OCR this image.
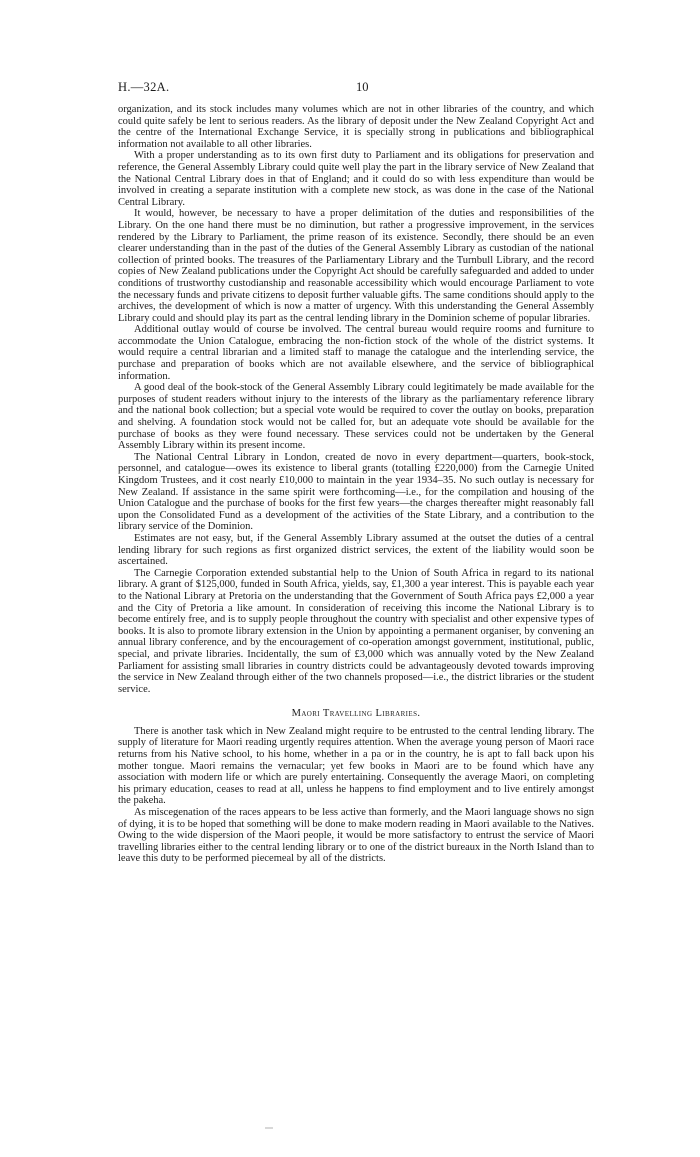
H.—32A.	10

organization, and its stock includes many volumes which are not in other libraries of the country, and which could quite safely be lent to serious readers. As the library of deposit under the New Zealand Copyright Act and the centre of the International Exchange Service, it is specially strong in publications and bibliographical information not available to all other libraries.

With a proper understanding as to its own first duty to Parliament and its obligations for preservation and reference, the General Assembly Library could quite well play the part in the library service of New Zealand that the National Central Library does in that of England; and it could do so with less expenditure than would be involved in creating a separate institution with a complete new stock, as was done in the case of the National Central Library.

It would, however, be necessary to have a proper delimitation of the duties and responsibilities of the Library. On the one hand there must be no diminution, but rather a progressive improvement, in the services rendered by the Library to Parliament, the prime reason of its existence. Secondly, there should be an even clearer understanding than in the past of the duties of the General Assembly Library as custodian of the national collection of printed books. The treasures of the Parliamentary Library and the Turnbull Library, and the record copies of New Zealand publications under the Copyright Act should be carefully safeguarded and added to under conditions of trustworthy custodianship and reasonable accessibility which would encourage Parliament to vote the necessary funds and private citizens to deposit further valuable gifts. The same conditions should apply to the archives, the development of which is now a matter of urgency. With this understanding the General Assembly Library could and should play its part as the central lending library in the Dominion scheme of popular libraries.

Additional outlay would of course be involved. The central bureau would require rooms and furniture to accommodate the Union Catalogue, embracing the non-fiction stock of the whole of the district systems. It would require a central librarian and a limited staff to manage the catalogue and the interlending service, the purchase and preparation of books which are not available elsewhere, and the service of bibliographical information.

A good deal of the book-stock of the General Assembly Library could legitimately be made available for the purposes of student readers without injury to the interests of the library as the parliamentary reference library and the national book collection; but a special vote would be required to cover the outlay on books, preparation and shelving. A foundation stock would not be called for, but an adequate vote should be available for the purchase of books as they were found necessary. These services could not be undertaken by the General Assembly Library within its present income.

The National Central Library in London, created de novo in every department—quarters, book-stock, personnel, and catalogue—owes its existence to liberal grants (totalling £220,000) from the Carnegie United Kingdom Trustees, and it cost nearly £10,000 to maintain in the year 1934–35. No such outlay is necessary for New Zealand. If assistance in the same spirit were forthcoming—i.e., for the compilation and housing of the Union Catalogue and the purchase of books for the first few years—the charges thereafter might reasonably fall upon the Consolidated Fund as a development of the activities of the State Library, and a contribution to the library service of the Dominion.

Estimates are not easy, but, if the General Assembly Library assumed at the outset the duties of a central lending library for such regions as first organized district services, the extent of the liability would soon be ascertained.

The Carnegie Corporation extended substantial help to the Union of South Africa in regard to its national library. A grant of $125,000, funded in South Africa, yields, say, £1,300 a year interest. This is payable each year to the National Library at Pretoria on the understanding that the Government of South Africa pays £2,000 a year and the City of Pretoria a like amount. In consideration of receiving this income the National Library is to become entirely free, and is to supply people throughout the country with specialist and other expensive types of books. It is also to promote library extension in the Union by appointing a permanent organiser, by convening an annual library conference, and by the encouragement of co-operation amongst government, institutional, public, special, and private libraries. Incidentally, the sum of £3,000 which was annually voted by the New Zealand Parliament for assisting small libraries in country districts could be advantageously devoted towards improving the service in New Zealand through either of the two channels proposed—i.e., the district libraries or the student service.

Maori Travelling Libraries.

There is another task which in New Zealand might require to be entrusted to the central lending library. The supply of literature for Maori reading urgently requires attention. When the average young person of Maori race returns from his Native school, to his home, whether in a pa or in the country, he is apt to fall back upon his mother tongue. Maori remains the vernacular; yet few books in Maori are to be found which have any association with modern life or which are purely entertaining. Consequently the average Maori, on completing his primary education, ceases to read at all, unless he happens to find employment and to live entirely amongst the pakeha.

As miscegenation of the races appears to be less active than formerly, and the Maori language shows no sign of dying, it is to be hoped that something will be done to make modern reading in Maori available to the Natives. Owing to the wide dispersion of the Maori people, it would be more satisfactory to entrust the service of Maori travelling libraries either to the central lending library or to one of the district bureaux in the North Island than to leave this duty to be performed piecemeal by all of the districts.
